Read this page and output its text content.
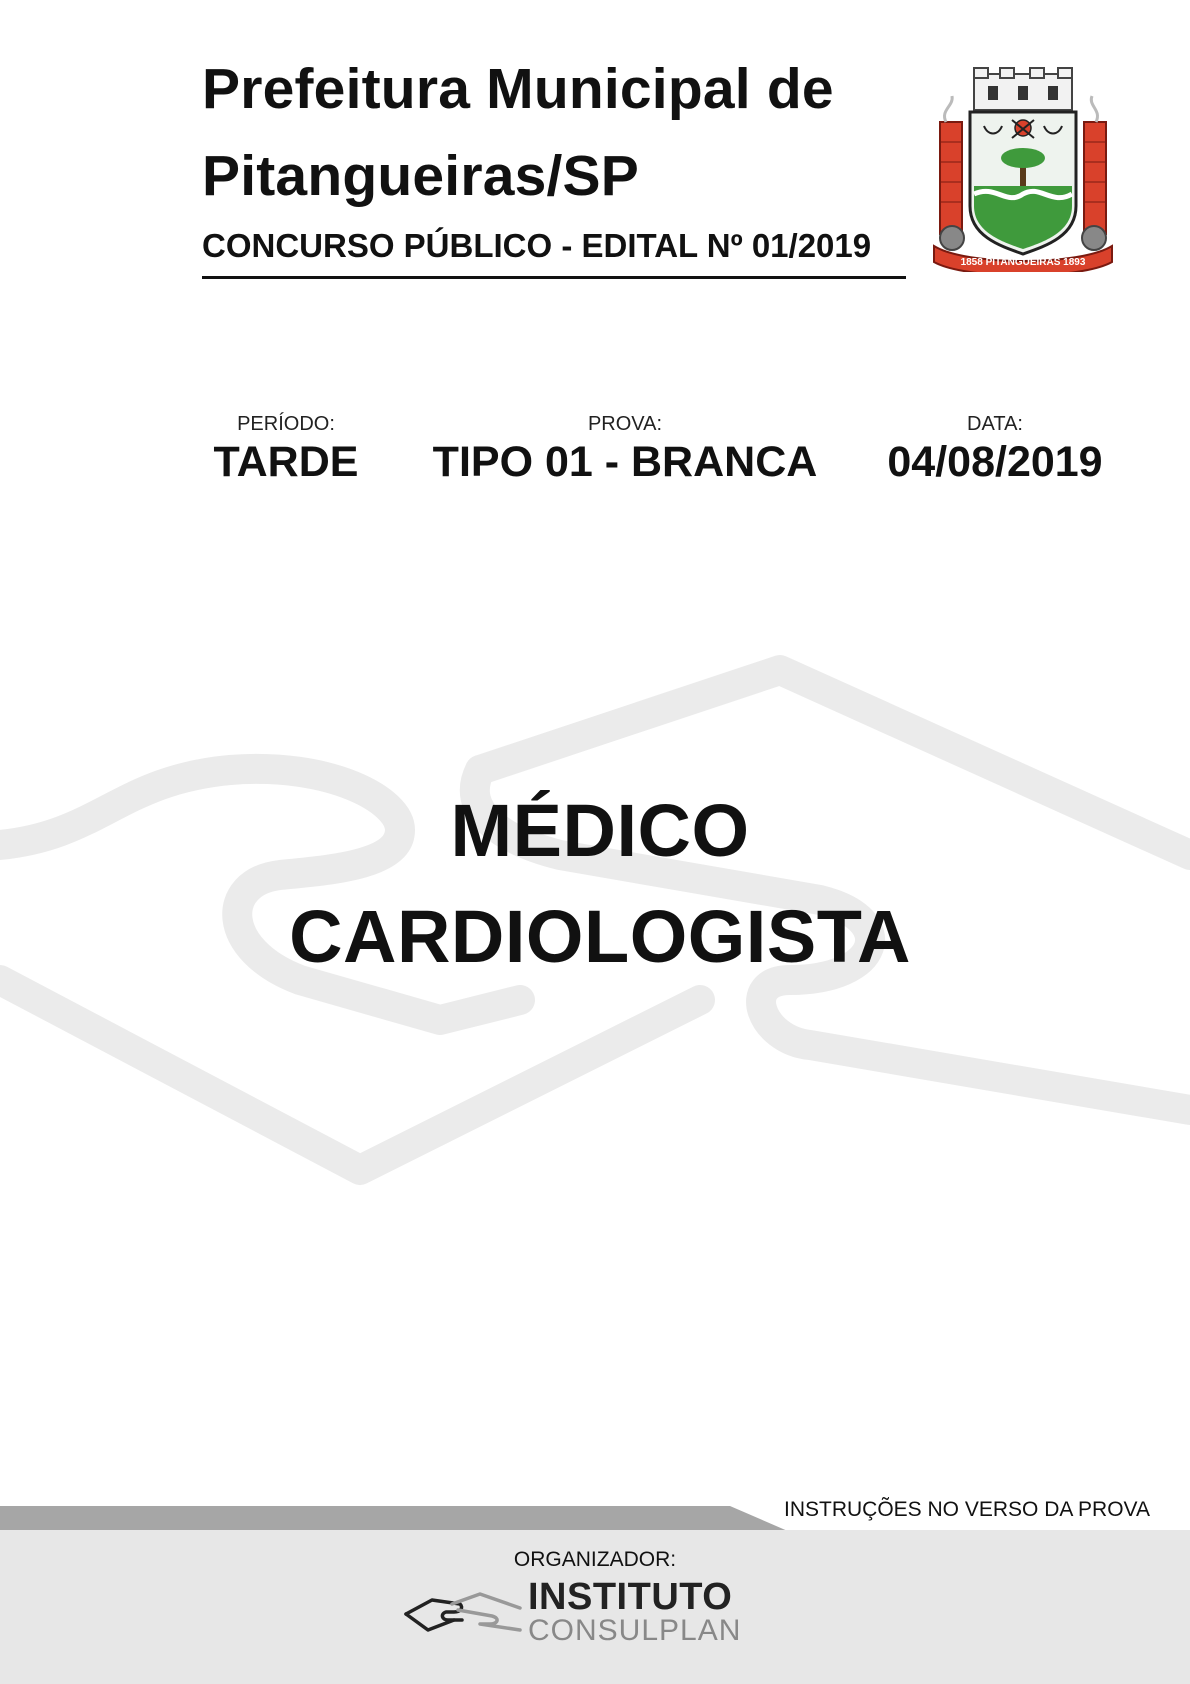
Prefeitura Municipal de
Pitangueiras/SP
CONCURSO PÚBLICO - EDITAL Nº 01/2019	1858 PITANGUEIRAS 1893
PERÍODO:
TARDE
PROVA:
TIPO 01 - BRANCA
DATA:
04/08/2019
MÉDICO
CARDIOLOGISTA
INSTRUÇÕES NO VERSO DA PROVA
ORGANIZADOR:
INSTITUTO
CONSULPLAN
